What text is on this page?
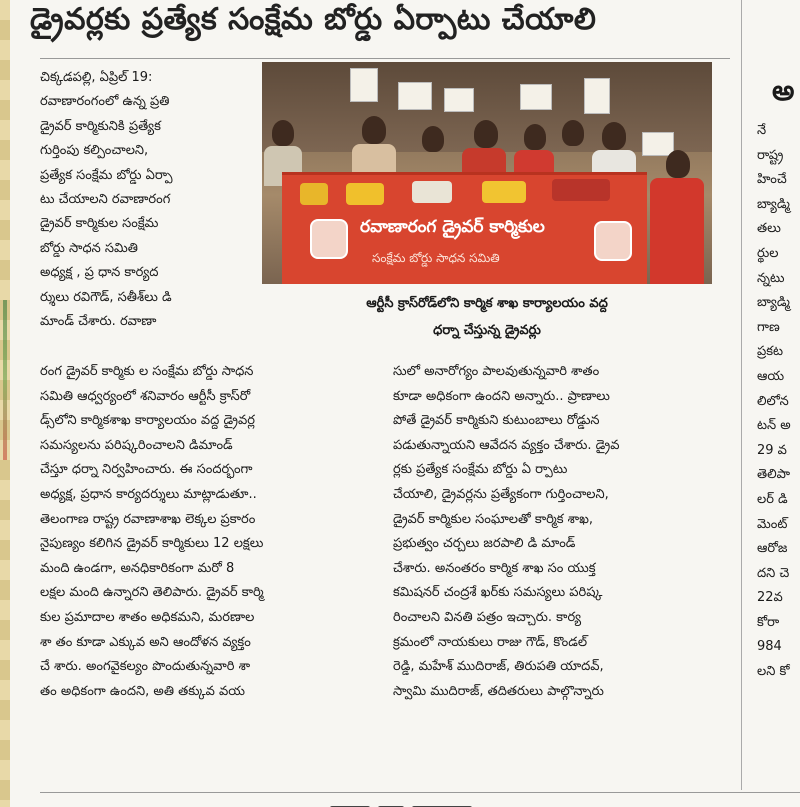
డ్రైవర్లకు ప్రత్యేక సంక్షేమ బోర్డు ఏర్పాటు చేయాలి

చిక్కడపల్లి, ఏప్రిల్ 19:

రవాణారంగంలో ఉన్న ప్రతి

డ్రైవర్ కార్మికునికి ప్రత్యేక

గుర్తింపు కల్పించాలని,

ప్రత్యేక సంక్షేమ బోర్డు ఏర్పా

టు చేయాలని రవాణారంగ

డ్రైవర్ కార్మికుల సంక్షేమ

బోర్డు సాధన సమితి

అధ్యక్ష , ప్ర ధాన కార్యద

ర్శులు రవిగౌడ్, సతీశ్‌లు డి

మాండ్ చేశారు. రవాణా

రవాణారంగ డ్రైవర్ కార్మికుల
సంక్షేమ బోర్డు సాధన సమితి

ఆర్టీసీ క్రాస్‌రోడ్‌లోని కార్మిక శాఖ కార్యాలయం వద్ద

ధర్నా చేస్తున్న డ్రైవర్లు

రంగ డ్రైవర్ కార్మికు ల సంక్షేమ బోర్డు సాధన

సమితి ఆధ్వర్యంలో శనివారం ఆర్టీసీ క్రాస్‌రో

డ్స్‌లోని కార్మికశాఖ కార్యాలయం వద్ద డ్రైవర్ల

సమస్యలను పరిష్కరించాలని డిమాండ్

చేస్తూ ధర్నా నిర్వహించారు. ఈ సందర్భంగా

అధ్యక్ష, ప్రధాన కార్యదర్శులు మాట్లాడుతూ..

తెలంగాణ రాష్ట్ర రవాణాశాఖ లెక్కల ప్రకారం

నైపుణ్యం కలిగిన డ్రైవర్ కార్మికులు 12 లక్షలు

మంది ఉండగా, అనధికారికంగా మరో 8

లక్షల మంది ఉన్నారని తెలిపారు. డ్రైవర్ కార్మి

కుల ప్రమాదాల శాతం అధికమని, మరణాల

శా తం కూడా ఎక్కువ అని ఆందోళన వ్యక్తం

చే శారు. అంగవైకల్యం పొందుతున్నవారి శా

తం అధికంగా ఉందని, అతి తక్కువ వయ

సులో అనారోగ్యం పాలవుతున్నవారి శాతం

కూడా అధికంగా ఉందని అన్నారు.. ప్రాణాలు

పోతే డ్రైవర్ కార్మికుని కుటుంబాలు రోడ్డున

పడుతున్నాయని ఆవేదన వ్యక్తం చేశారు. డ్రైవ

ర్లకు ప్రత్యేక సంక్షేమ బోర్డు ఏ ర్పాటు

చేయాలి, డ్రైవర్లను ప్రత్యేకంగా గుర్తించాలని,

డ్రైవర్ కార్మికుల సంఘాలతో కార్మిక శాఖ,

ప్రభుత్వం చర్చలు జరపాలి డి మాండ్

చేశారు. అనంతరం కార్మిక శాఖ సం యుక్త

కమిషనర్ చంద్రశే ఖర్‌కు సమస్యలు పరిష్క

రించాలని వినతి పత్రం ఇచ్చారు. కార్య

క్రమంలో నాయకులు రాజు గౌడ్, కొండల్

రెడ్డి, మహేశ్ ముదిరాజ్, తిరుపతి యాదవ్,

స్వామి ముదిరాజ్, తదితరులు పాల్గొన్నారు

అ

నే

రాష్ట్ర

హించే

బ్యాడ్మి

తలు

ర్థుల

న్నటు

బ్యాడ్మి

గాణ

ప్రకట

ఆయ

లిలోన

టన్ అ

29 వ

తెలిపా

లర్ డి

మెంట్

ఆరోజ

దని చె

22వ

కోరా

984

లని కో
